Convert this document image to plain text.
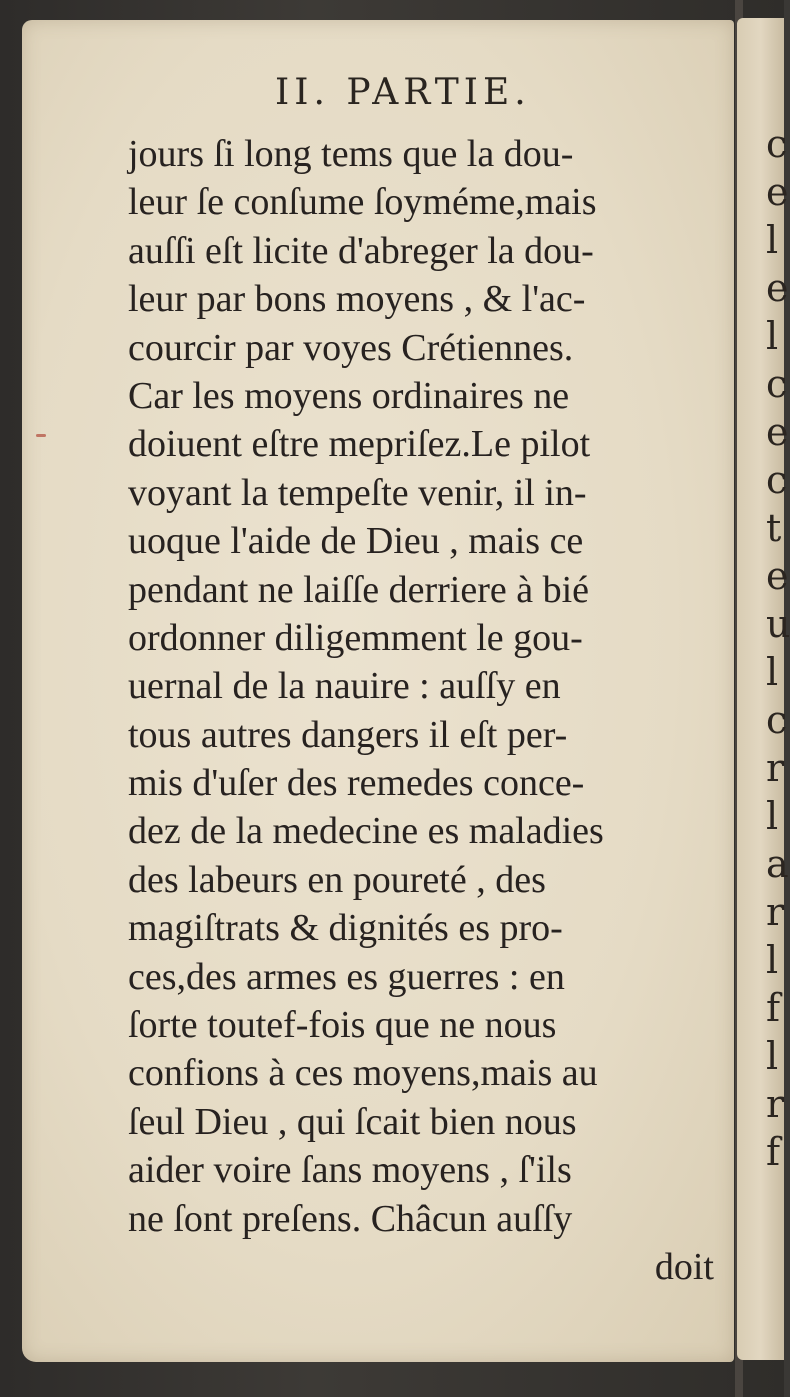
c
e
l
e
l
c
e
c
t
e
u
l
c
r
l
a
r
l
f
l
r
f
II. PARTIE.
jours ſi long tems que la dou-
leur ſe conſume ſoyméme,mais
auſſi eſt licite d'abreger la dou-
leur par bons moyens , & l'ac-
courcir par voyes Crétiennes.
Car les moyens ordinaires ne
doiuent eſtre mepriſez.Le pilot
voyant la tempeſte venir, il in-
uoque l'aide de Dieu , mais ce
pendant ne laiſſe derriere à bié
ordonner diligemment le gou-
uernal de la nauire : auſſy en
tous autres dangers il eſt per-
mis d'uſer des remedes conce-
dez de la medecine es maladies
des labeurs en poureté , des
magiſtrats & dignités es pro-
ces,des armes es guerres : en
ſorte toutef-fois que ne nous
confions à ces moyens,mais au
ſeul Dieu , qui ſcait bien nous
aider voire ſans moyens , ſ'ils
ne ſont preſens. Châcun auſſy
doit
